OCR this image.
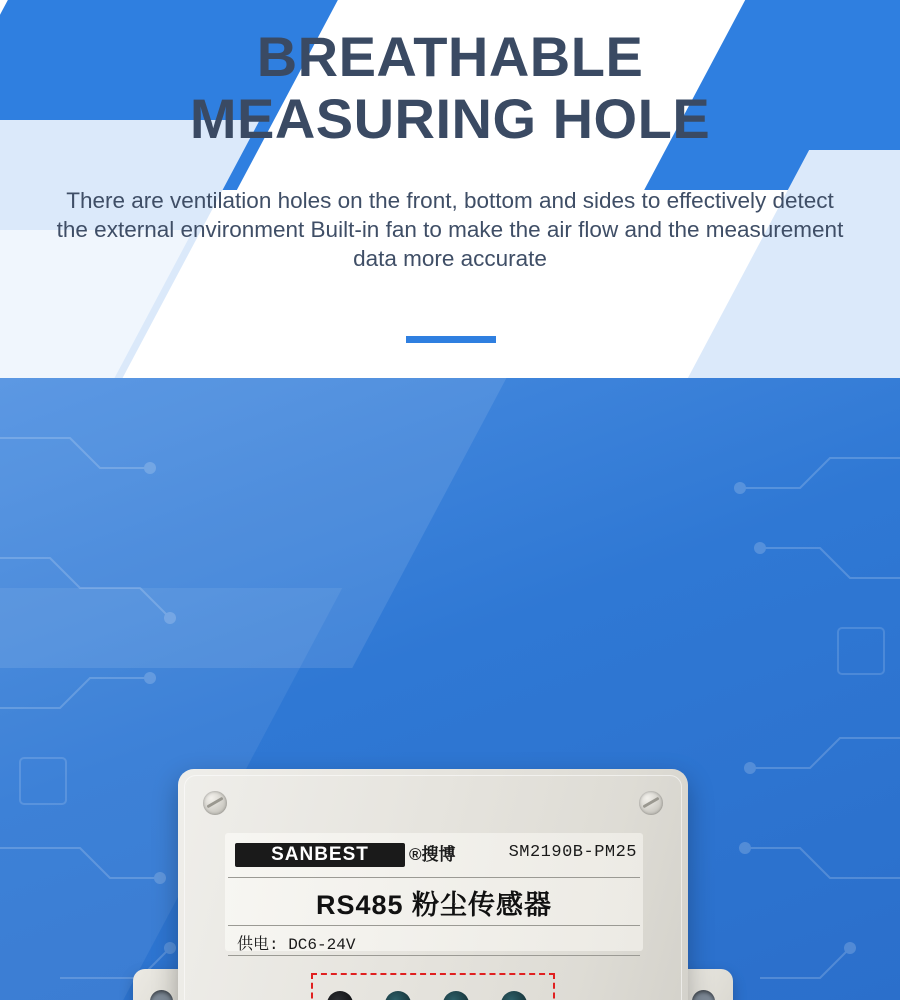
BREATHABLE
MEASURING HOLE
There are ventilation holes on the front, bottom and sides to effectively detect the external environment Built-in fan to make the air flow and the measurement data more accurate
SANBEST	®搜博	SM2190B-PM25
RS485 粉尘传感器
供电: DC6-24V
